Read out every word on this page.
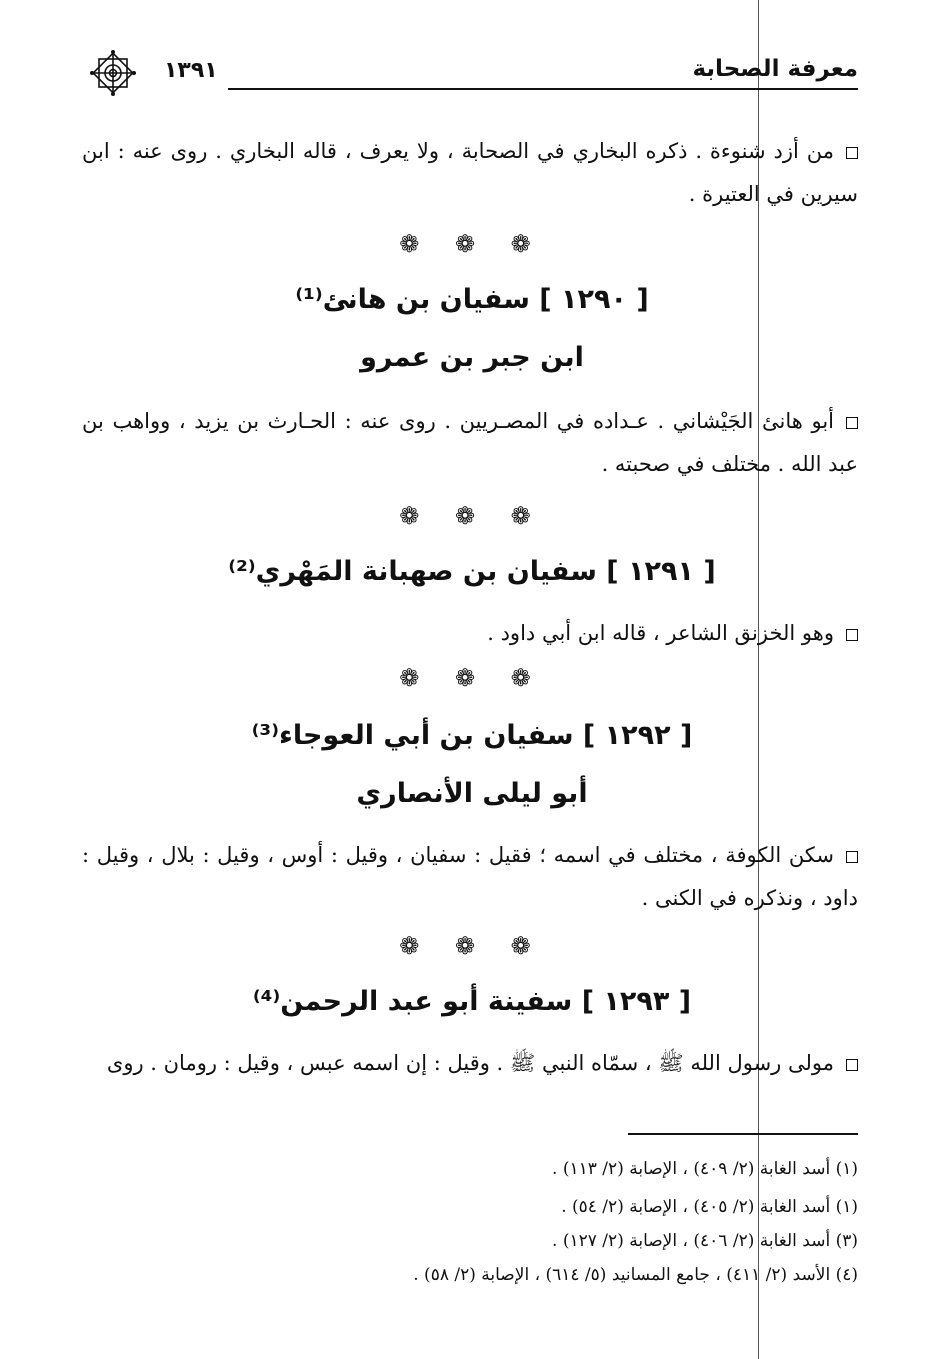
١٣٩١	معرفة الصحابة
من أزد شنوءة . ذكره البخاري في الصحابة ، ولا يعرف ، قاله البخاري . روى عنه : ابن سيرين في العتيرة .
❁ ❁ ❁
[ ١٢٩٠ ] سفيان بن هانئ⁽¹⁾
ابن جبر بن عمرو
أبو هانئ الجَيْشاني . عـداده في المصـريين . روى عنه : الحـارث بن يزيد ، وواهب بن عبد الله . مختلف في صحبته .
❁ ❁ ❁
[ ١٢٩١ ] سفيان بن صهبانة المَهْري⁽²⁾
وهو الخزنق الشاعر ، قاله ابن أبي داود .
❁ ❁ ❁
[ ١٢٩٢ ] سفيان بن أبي العوجاء⁽³⁾
أبو ليلى الأنصاري
سكن الكوفة ، مختلف في اسمه ؛ فقيل : سفيان ، وقيل : أوس ، وقيل : بلال ، وقيل : داود ، ونذكره في الكنى .
❁ ❁ ❁
[ ١٢٩٣ ] سفينة أبو عبد الرحمن⁽⁴⁾
مولى رسول الله ﷺ ، سمّاه النبي ﷺ . وقيل : إن اسمه عبس ، وقيل : رومان . روى
(١) أسد الغابة (٢/ ٤٠٩) ، الإصابة (٢/ ١١٣) .
(١) أسد الغابة (٢/ ٤٠٥) ، الإصابة (٢/ ٥٤) .
(٣) أسد الغابة (٢/ ٤٠٦) ، الإصابة (٢/ ١٢٧) .
(٤) الأسد (٢/ ٤١١) ، جامع المسانيد (٥/ ٦١٤) ، الإصابة (٢/ ٥٨) .
